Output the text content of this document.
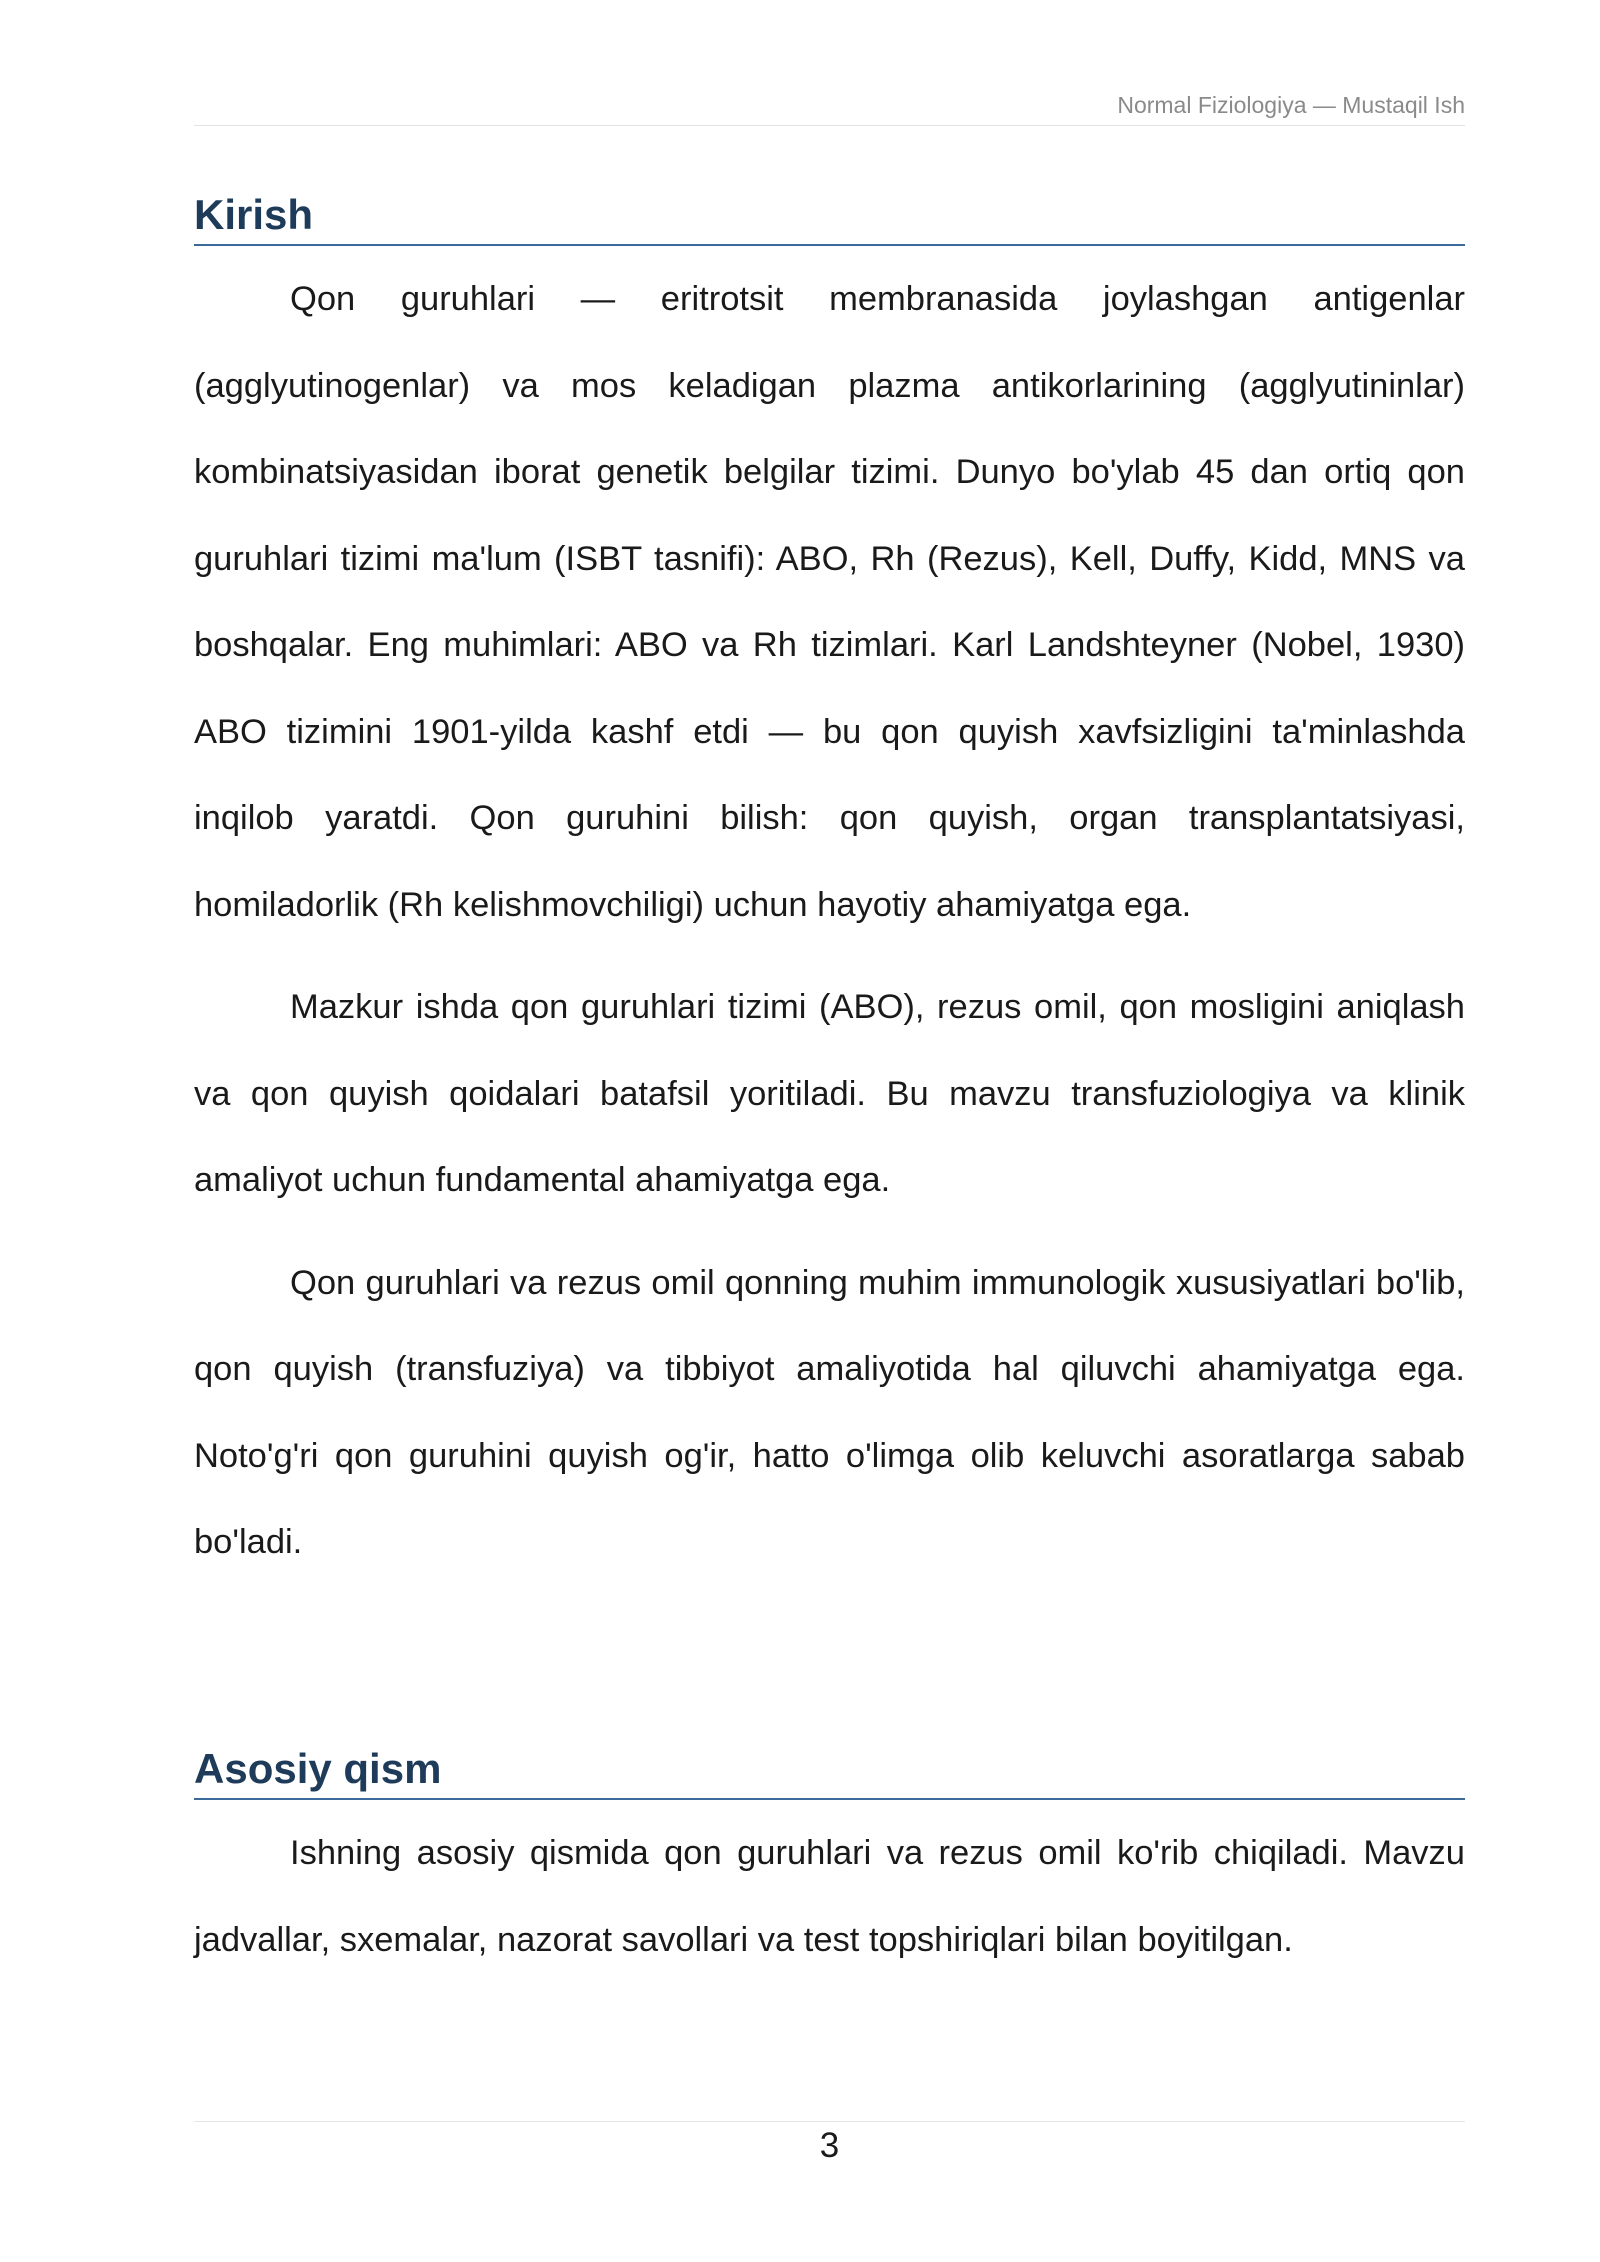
Normal Fiziologiya — Mustaqil Ish
Kirish

Qon guruhlari — eritrotsit membranasida joylashgan antigenlar (agglyutinogenlar) va mos keladigan plazma antikorlarining (agglyutininlar) kombinatsiyasidan iborat genetik belgilar tizimi. Dunyo bo'ylab 45 dan ortiq qon guruhlari tizimi ma'lum (ISBT tasnifi): ABO, Rh (Rezus), Kell, Duffy, Kidd, MNS va boshqalar. Eng muhimlari: ABO va Rh tizimlari. Karl Landshteyner (Nobel, 1930) ABO tizimini 1901-yilda kashf etdi — bu qon quyish xavfsizligini ta'minlashda inqilob yaratdi. Qon guruhini bilish: qon quyish, organ transplantatsiyasi, homiladorlik (Rh kelishmovchiligi) uchun hayotiy ahamiyatga ega.

Mazkur ishda qon guruhlari tizimi (ABO), rezus omil, qon mosligini aniqlash va qon quyish qoidalari batafsil yoritiladi. Bu mavzu transfuziologiya va klinik amaliyot uchun fundamental ahamiyatga ega.

Qon guruhlari va rezus omil qonning muhim immunologik xususiyatlari bo'lib, qon quyish (transfuziya) va tibbiyot amaliyotida hal qiluvchi ahamiyatga ega. Noto'g'ri qon guruhini quyish og'ir, hatto o'limga olib keluvchi asoratlarga sabab bo'ladi.

Asosiy qism

Ishning asosiy qismida qon guruhlari va rezus omil ko'rib chiqiladi. Mavzu jadvallar, sxemalar, nazorat savollari va test topshiriqlari bilan boyitilgan.

3
